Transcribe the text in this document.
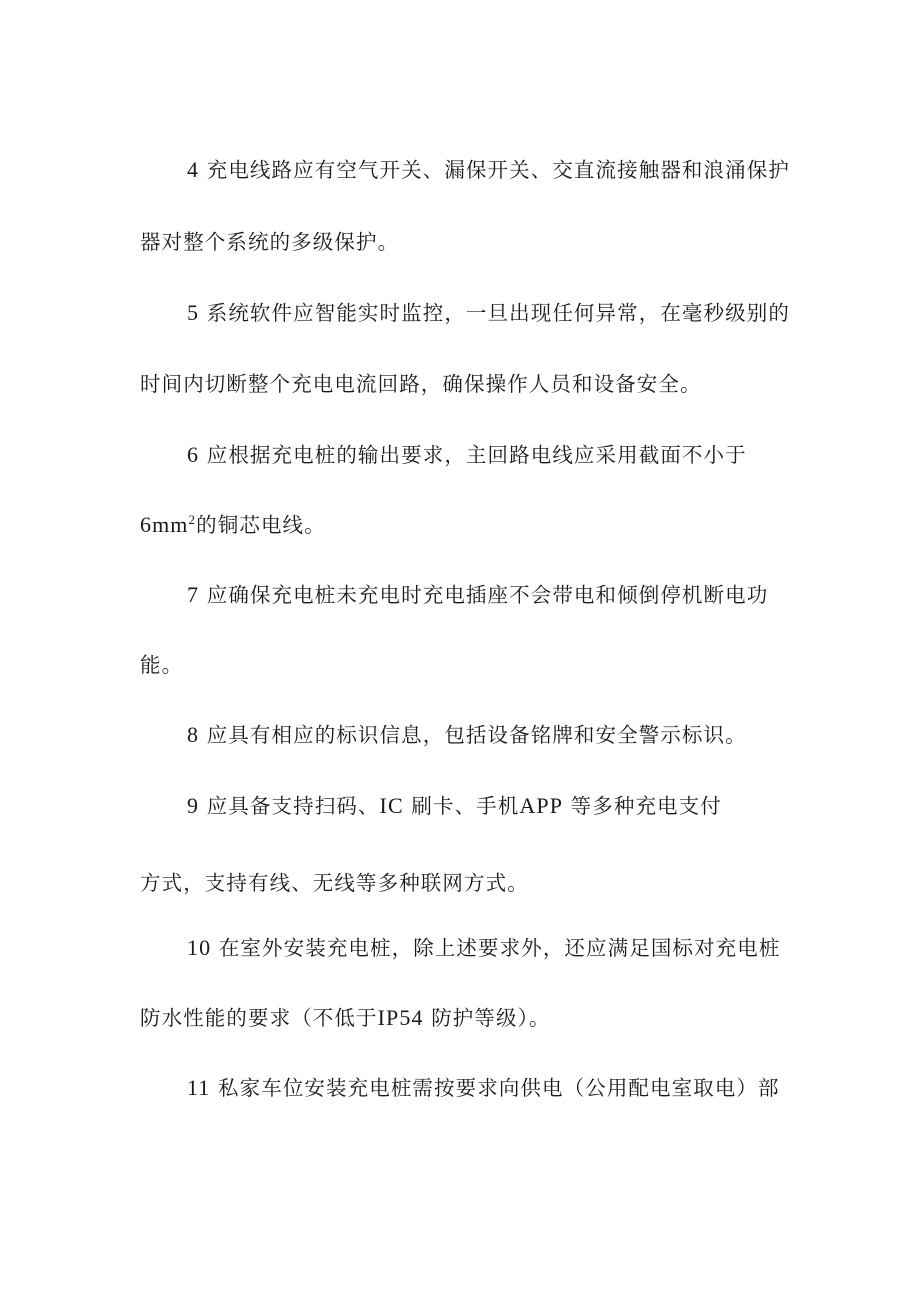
4 充电线路应有空气开关、漏保开关、交直流接触器和浪涌保护
器对整个系统的多级保护。
5 系统软件应智能实时监控，一旦出现任何异常，在毫秒级别的
时间内切断整个充电电流回路，确保操作人员和设备安全。
6 应根据充电桩的输出要求，主回路电线应采用截面不小于
$6mm^2$的铜芯电线。
7 应确保充电桩未充电时充电插座不会带电和倾倒停机断电功
能。
8 应具有相应的标识信息，包括设备铭牌和安全警示标识。
9 应具备支持扫码、IC 刷卡、手机APP 等多种充电支付
方式，支持有线、无线等多种联网方式。
10 在室外安装充电桩，除上述要求外，还应满足国标对充电桩
防水性能的要求（不低于IP54 防护等级）。
11 私家车位安装充电桩需按要求向供电（公用配电室取电）部
